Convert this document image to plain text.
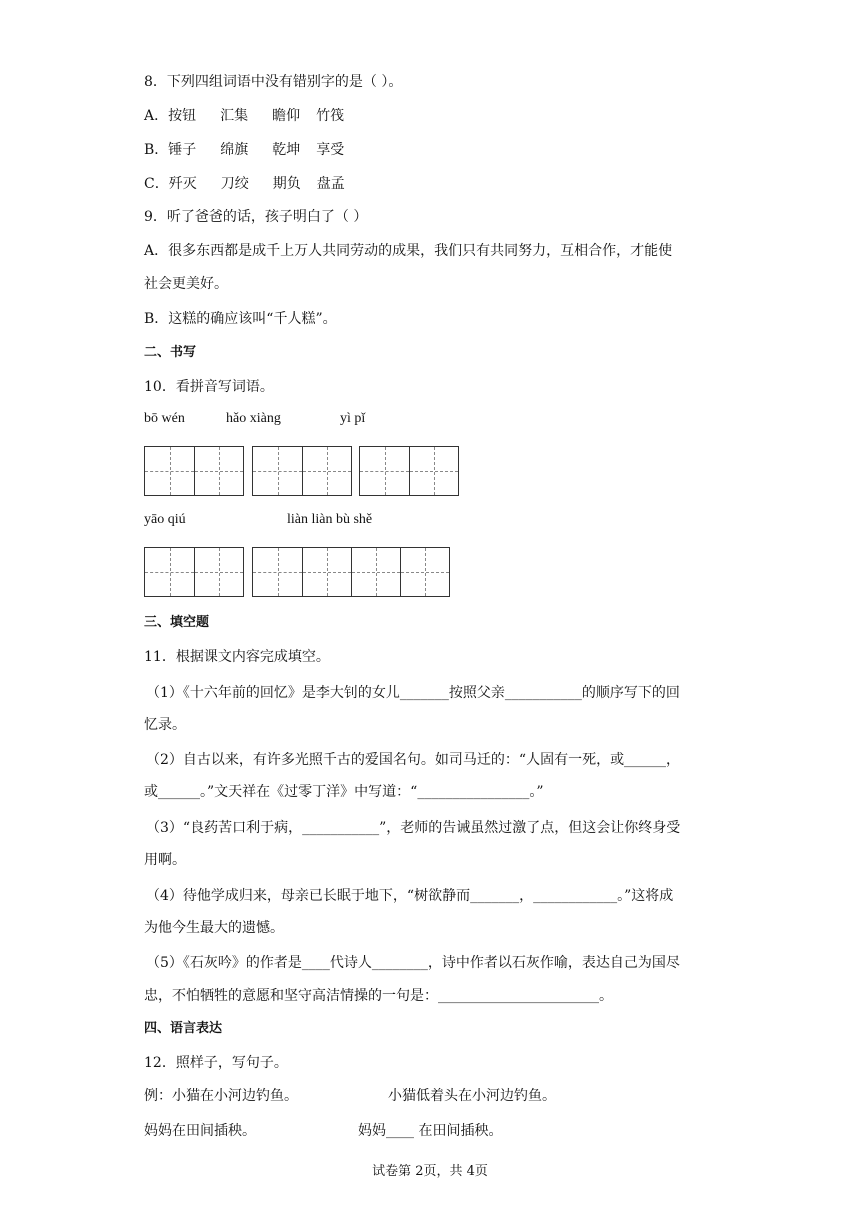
8．下列四组词语中没有错别字的是（ ）。
A．按钮 汇集 瞻仰 竹筏
B．锤子 绵旗 乾坤 享受
C．歼灭 刀绞 期负 盘孟
9．听了爸爸的话，孩子明白了（ ）
A．很多东西都是成千上万人共同劳动的成果，我们只有共同努力，互相合作，才能使
社会更美好。
B．这糕的确应该叫“千人糕”。
二、书写
10．看拼音写词语。
bō wén	hǎo xiàng	yì pǐ
yāo qiú	liàn liàn bù shě
三、填空题
11．根据课文内容完成填空。
（1）《十六年前的回忆》是李大钊的女儿_______按照父亲___________的顺序写下的回
忆录。
（2）自古以来，有许多光照千古的爱国名句。如司马迁的：“人固有一死，或______，
或______。”文天祥在《过零丁洋》中写道：“________________。”
（3）“良药苦口利于病，___________”，老师的告诫虽然过激了点，但这会让你终身受
用啊。
（4）待他学成归来，母亲已长眠于地下，“树欲静而_______，____________。”这将成
为他今生最大的遗憾。
（5）《石灰吟》的作者是____代诗人________，诗中作者以石灰作喻，表达自己为国尽
忠，不怕牺牲的意愿和坚守高洁情操的一句是：_______________________。
四、语言表达
12．照样子，写句子。
例：小猫在小河边钓鱼。	小猫低着头在小河边钓鱼。
妈妈在田间插秧。	妈妈____ 在田间插秧。
试卷第 2页，共 4页
